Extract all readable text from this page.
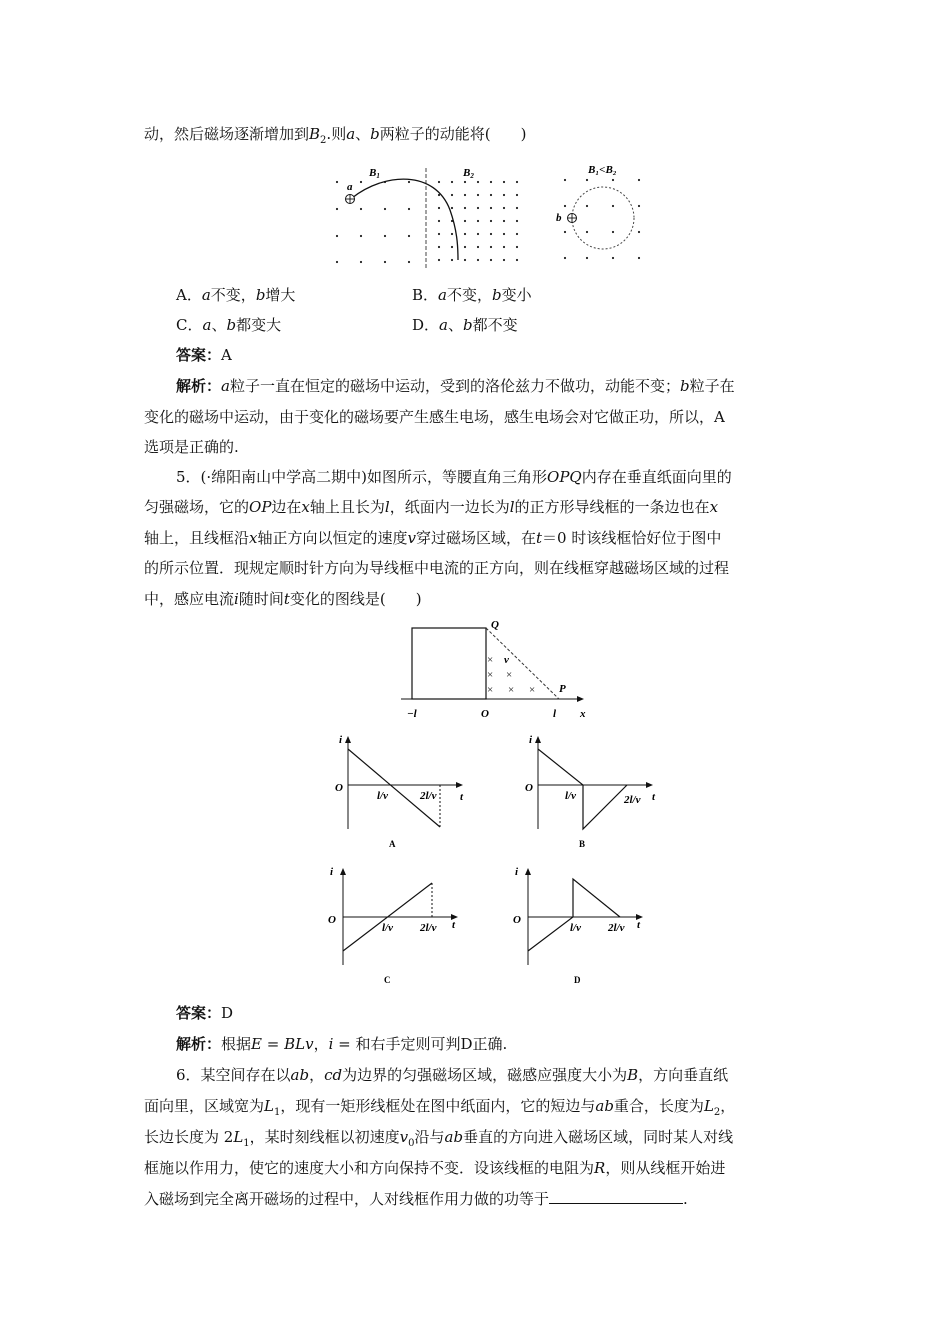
动，然后磁场逐渐增加到$B_2$.则a、b两粒子的动能将(　　)
a
B1	B2
b
B₁<B₂
A．a不变，b增大	B．a不变，b变小
C．a、b都变大	D．a、b都不变
答案：A
解析：a粒子一直在恒定的磁场中运动，受到的洛伦兹力不做功，动能不变；b粒子在
变化的磁场中运动，由于变化的磁场要产生感生电场，感生电场会对它做正功，所以，A
选项是正确的.
5．(·绵阳南山中学高二期中)如图所示，等腰直角三角形OPQ内存在垂直纸面向里的
匀强磁场，它的OP边在x轴上且长为l，纸面内一边长为l的正方形导线框的一条边也在x
轴上，且线框沿x轴正方向以恒定的速度v穿过磁场区域，在t＝0 时该线框恰好位于图中
的所示位置．现规定顺时针方向为导线框中电流的正方向，则在线框穿越磁场区域的过程
中，感应电流i随时间t变化的图线是(　　)
Q
P
v
−l	O	l x
×
× ×
× × ×
i
O
l/v	2l/v t
A
i
O
l/v	2l/v t
B
i
O
l/v 2l/v t
C
i
O
l/v 2l/v t
D
答案：D
解析：根据E = BLv，i = 和右手定则可判D正确.
6．某空间存在以ab，cd为边界的匀强磁场区域，磁感应强度大小为B，方向垂直纸
面向里，区域宽为$L_1$，现有一矩形线框处在图中纸面内，它的短边与ab重合，长度为$L_2$，
长边长度为 $2L_1$，某时刻线框以初速度$v_0$沿与ab垂直的方向进入磁场区域，同时某人对线
框施以作用力，使它的速度大小和方向保持不变．设该线框的电阻为R，则从线框开始进
入磁场到完全离开磁场的过程中，人对线框作用力做的功等于	.
